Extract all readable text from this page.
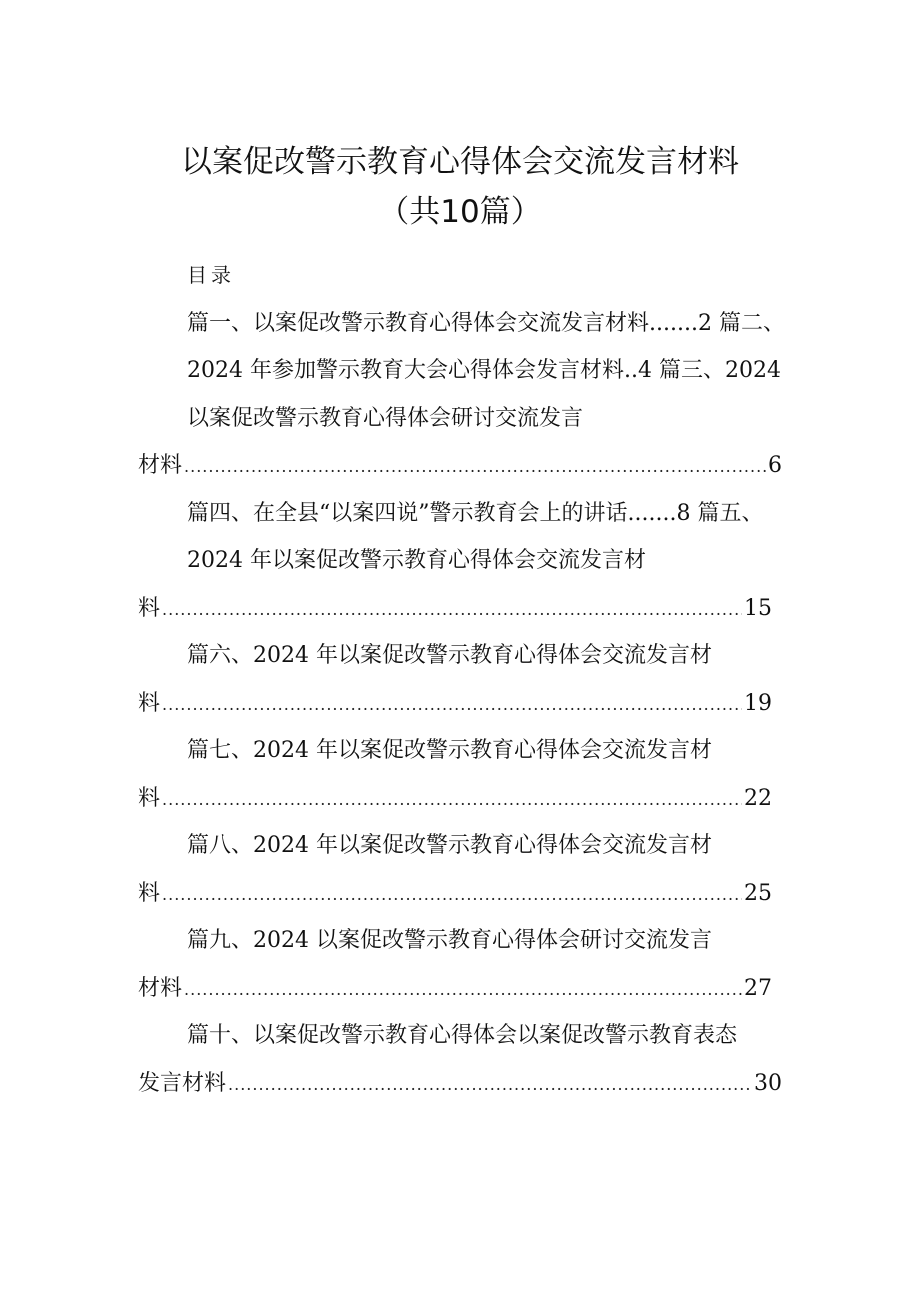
以案促改警示教育心得体会交流发言材料
（共10篇）
目录
篇一、以案促改警示教育心得体会交流发言材料.......2 篇二、
2024 年参加警示教育大会心得体会发言材料..4 篇三、2024
以案促改警示教育心得体会研讨交流发言
材料 .....	6
篇四、在全县“以案四说”警示教育会上的讲话.......8 篇五、
2024 年以案促改警示教育心得体会交流发言材
料 .....	15
篇六、2024 年以案促改警示教育心得体会交流发言材
料 .....	19
篇七、2024 年以案促改警示教育心得体会交流发言材
料 .....	22
篇八、2024 年以案促改警示教育心得体会交流发言材
料 .....	25
篇九、2024 以案促改警示教育心得体会研讨交流发言
材料 .....	27
篇十、以案促改警示教育心得体会以案促改警示教育表态
发言材料 .....	30
